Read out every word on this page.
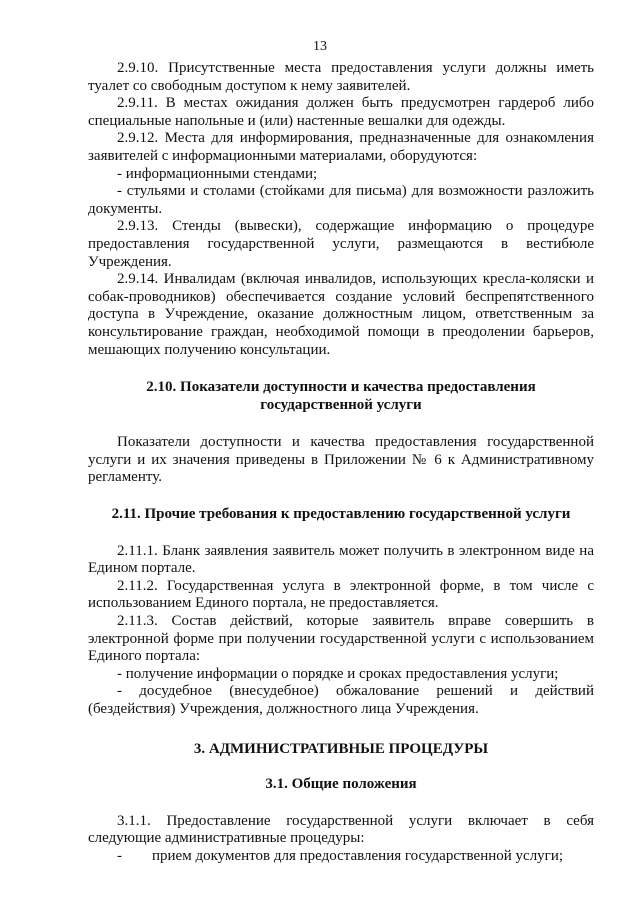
13

2.9.10. Присутственные места предоставления услуги должны иметь туалет со свободным доступом к нему заявителей.

2.9.11. В местах ожидания должен быть предусмотрен гардероб либо специальные напольные и (или) настенные вешалки для одежды.

2.9.12. Места для информирования, предназначенные для ознакомления заявителей с информационными материалами, оборудуются:

- информационными стендами;

- стульями и столами (стойками для письма) для возможности разложить документы.

2.9.13. Стенды (вывески), содержащие информацию о процедуре предоставления государственной услуги, размещаются в вестибюле Учреждения.

2.9.14. Инвалидам (включая инвалидов, использующих кресла-коляски и собак-проводников) обеспечивается создание условий беспрепятственного доступа в Учреждение, оказание должностным лицом, ответственным за консультирование граждан, необходимой помощи в преодолении барьеров, мешающих получению консультации.

2.10. Показатели доступности и качества предоставления государственной услуги

Показатели доступности и качества предоставления государственной услуги и их значения приведены в Приложении № 6 к Административному регламенту.

2.11. Прочие требования к предоставлению государственной услуги

2.11.1. Бланк заявления заявитель может получить в электронном виде на Едином портале.

2.11.2. Государственная услуга в электронной форме, в том числе с использованием Единого портала, не предоставляется.

2.11.3. Состав действий, которые заявитель вправе совершить в электронной форме при получении государственной услуги с использованием Единого портала:

- получение информации о порядке и сроках предоставления услуги;

- досудебное (внесудебное) обжалование решений и действий (бездействия) Учреждения, должностного лица Учреждения.

3. АДМИНИСТРАТИВНЫЕ ПРОЦЕДУРЫ
3.1. Общие положения

3.1.1. Предоставление государственной услуги включает в себя следующие административные процедуры:

-	прием документов для предоставления государственной услуги;
